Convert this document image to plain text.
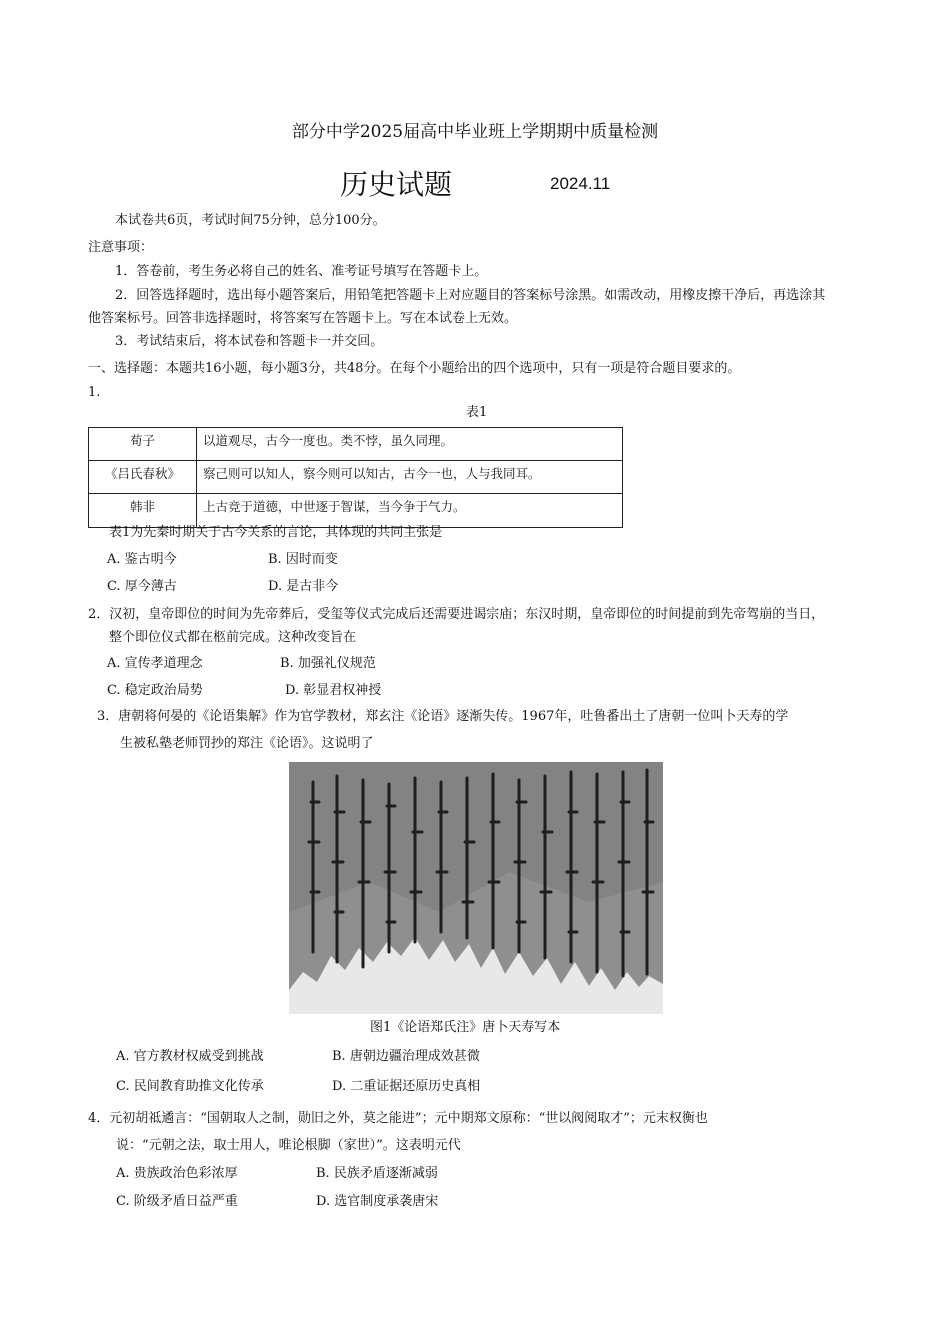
部分中学2025届高中毕业班上学期期中质量检测
历史试题	2024.11
本试卷共6页，考试时间75分钟，总分100分。
注意事项：
1．答卷前，考生务必将自己的姓名、准考证号填写在答题卡上。
2．回答选择题时，选出每小题答案后，用铅笔把答题卡上对应题目的答案标号涂黑。如需改动，用橡皮擦干净后，再选涂其
他答案标号。回答非选择题时，将答案写在答题卡上。写在本试卷上无效。
3．考试结束后，将本试卷和答题卡一并交回。
一、选择题：本题共16小题，每小题3分，共48分。在每个小题给出的四个选项中，只有一项是符合题目要求的。
1.
表1
荀子	以道观尽，古今一度也。类不悖，虽久同理。
《吕氏春秋》	察己则可以知人，察今则可以知古，古今一也，人与我同耳。
韩非	上古竞于道德，中世逐于智谋，当今争于气力。
表1为先秦时期关于古今关系的言论，其体现的共同主张是
A. 鉴古明今	B. 因时而变
C. 厚今薄古	D. 是古非今
2．汉初，皇帝即位的时间为先帝葬后，受玺等仪式完成后还需要进谒宗庙；东汉时期，皇帝即位的时间提前到先帝驾崩的当日，
整个即位仪式都在柩前完成。这种改变旨在
A. 宣传孝道理念	B. 加强礼仪规范
C. 稳定政治局势	D. 彰显君权神授
3．唐朝将何晏的《论语集解》作为官学教材，郑玄注《论语》逐渐失传。1967年，吐鲁番出土了唐朝一位叫卜天寿的学
生被私塾老师罚抄的郑注《论语》。这说明了
图1《论语郑氏注》唐卜天寿写本
A. 官方教材权威受到挑战	B. 唐朝边疆治理成效甚微
C. 民间教育助推文化传承	D. 二重证据还原历史真相
4．元初胡祗遹言：“国朝取人之制，勋旧之外，莫之能进”；元中期郑文原称：“世以阀阅取才”；元末权衡也
说：“元朝之法，取士用人，唯论根脚（家世）”。这表明元代
A. 贵族政治色彩浓厚	B. 民族矛盾逐渐减弱
C. 阶级矛盾日益严重	D. 选官制度承袭唐宋
